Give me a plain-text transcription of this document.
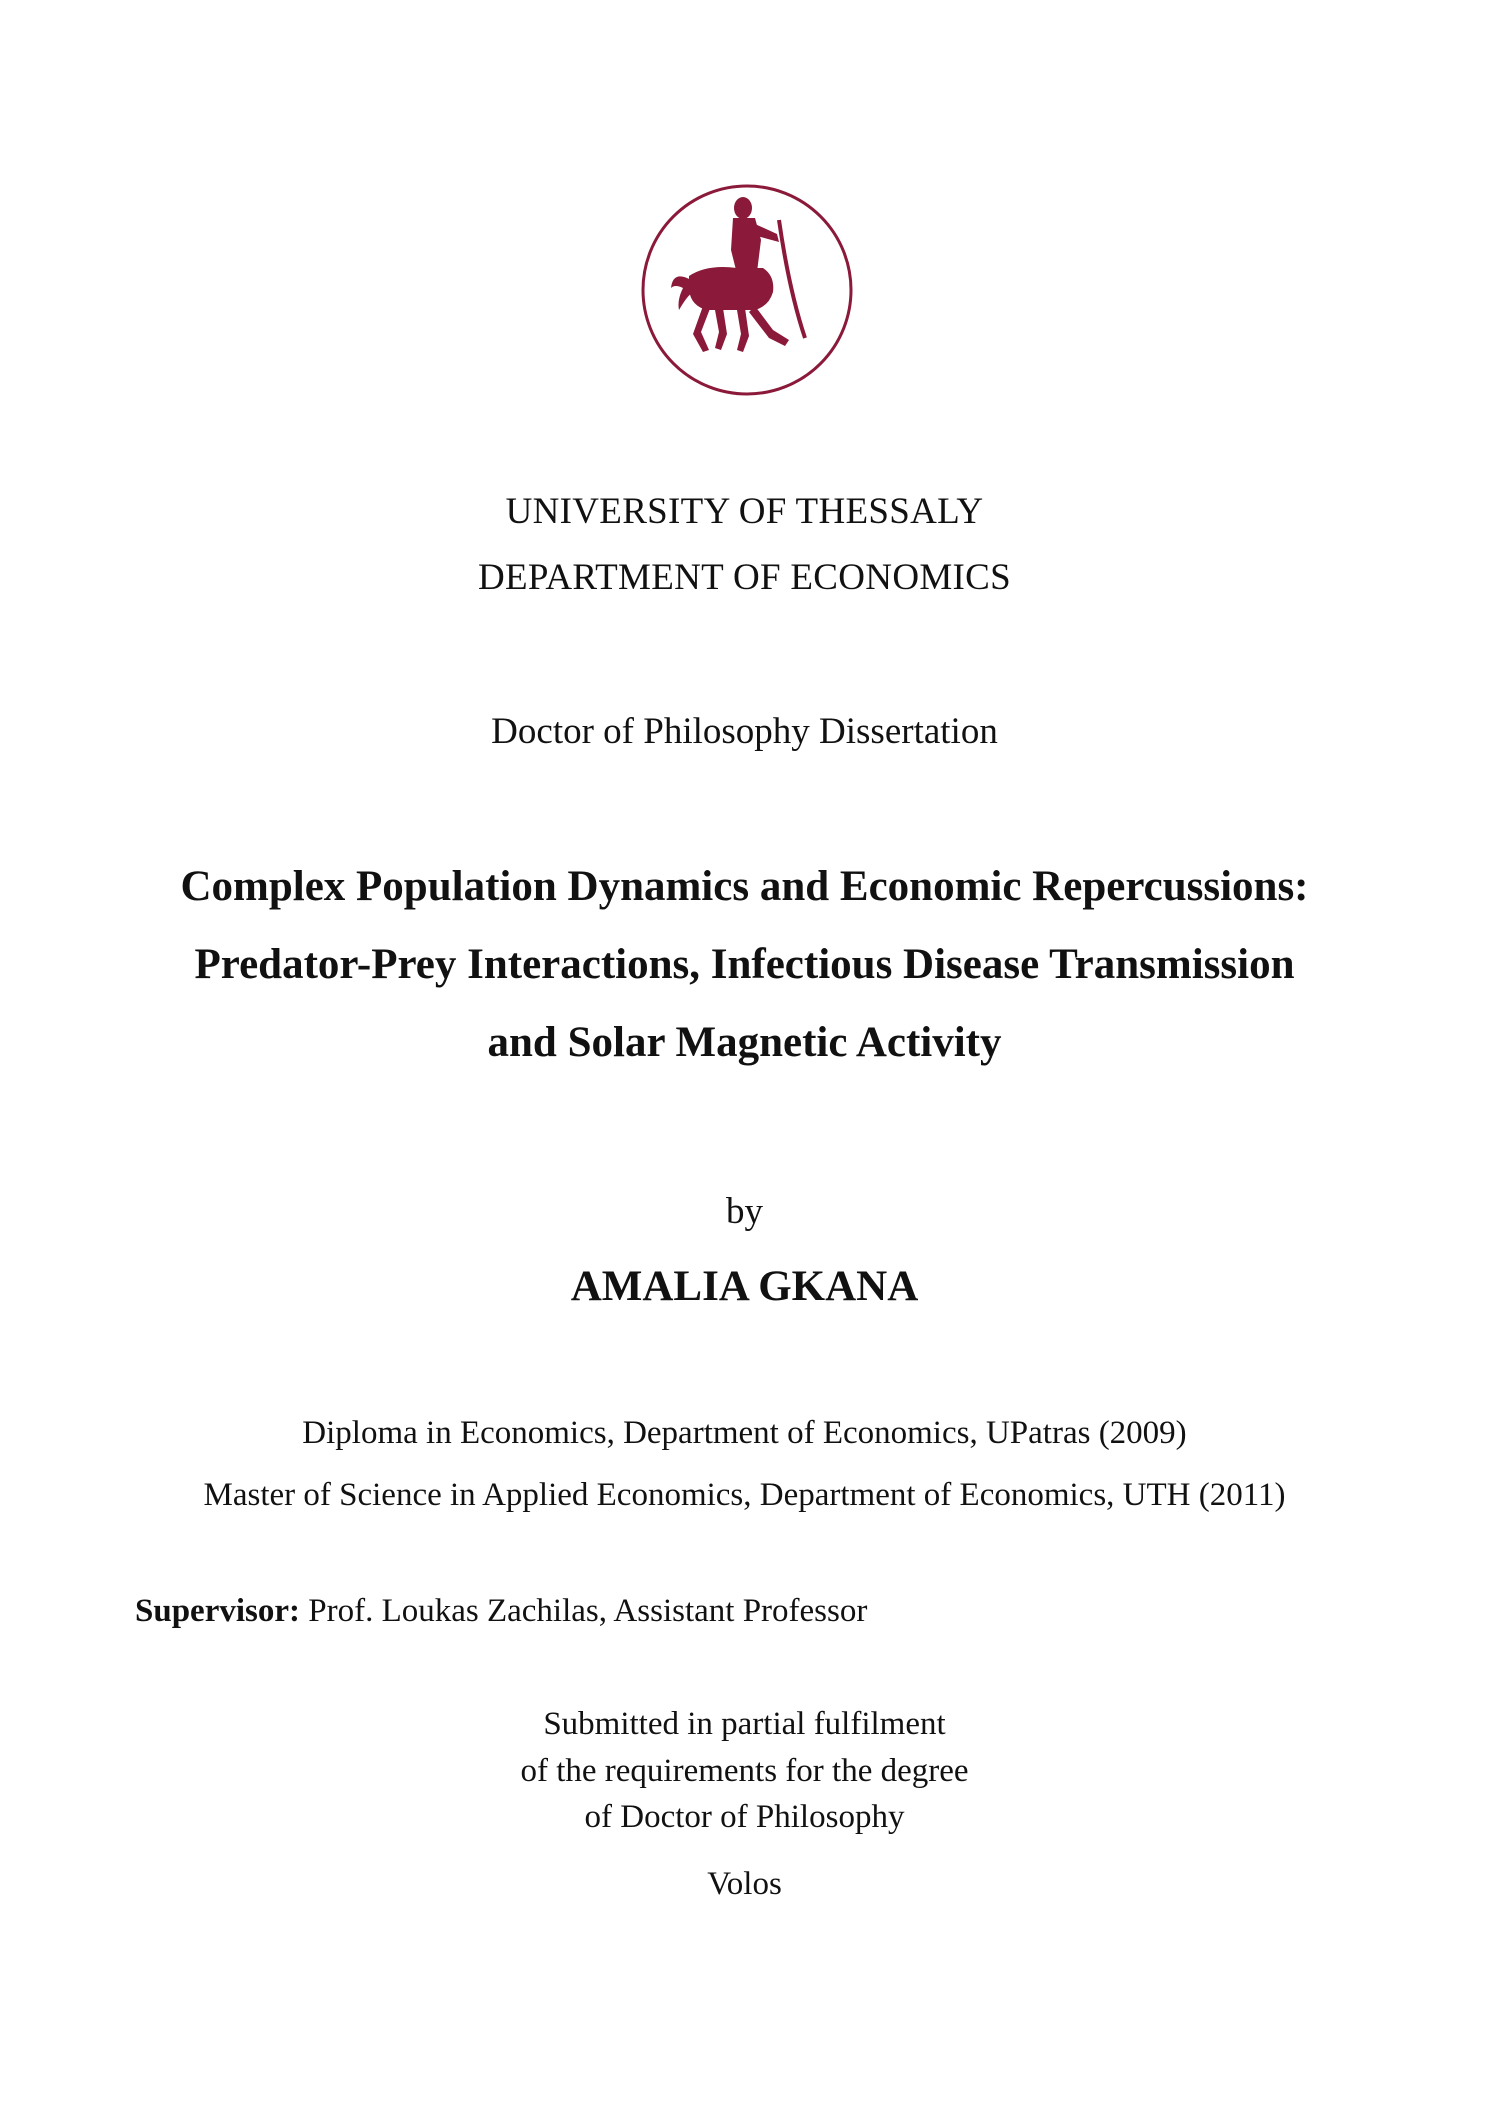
UNIVERSITY OF THESSALY
DEPARTMENT OF ECONOMICS
Doctor of Philosophy Dissertation
Complex Population Dynamics and Economic Repercussions:
Predator-Prey Interactions, Infectious Disease Transmission
and Solar Magnetic Activity
by
AMALIA GKANA
Diploma in Economics, Department of Economics, UPatras (2009)
Master of Science in Applied Economics, Department of Economics, UTH (2011)
Supervisor: Prof. Loukas Zachilas, Assistant Professor
Submitted in partial fulfilment
of the requirements for the degree
of Doctor of Philosophy
Volos
